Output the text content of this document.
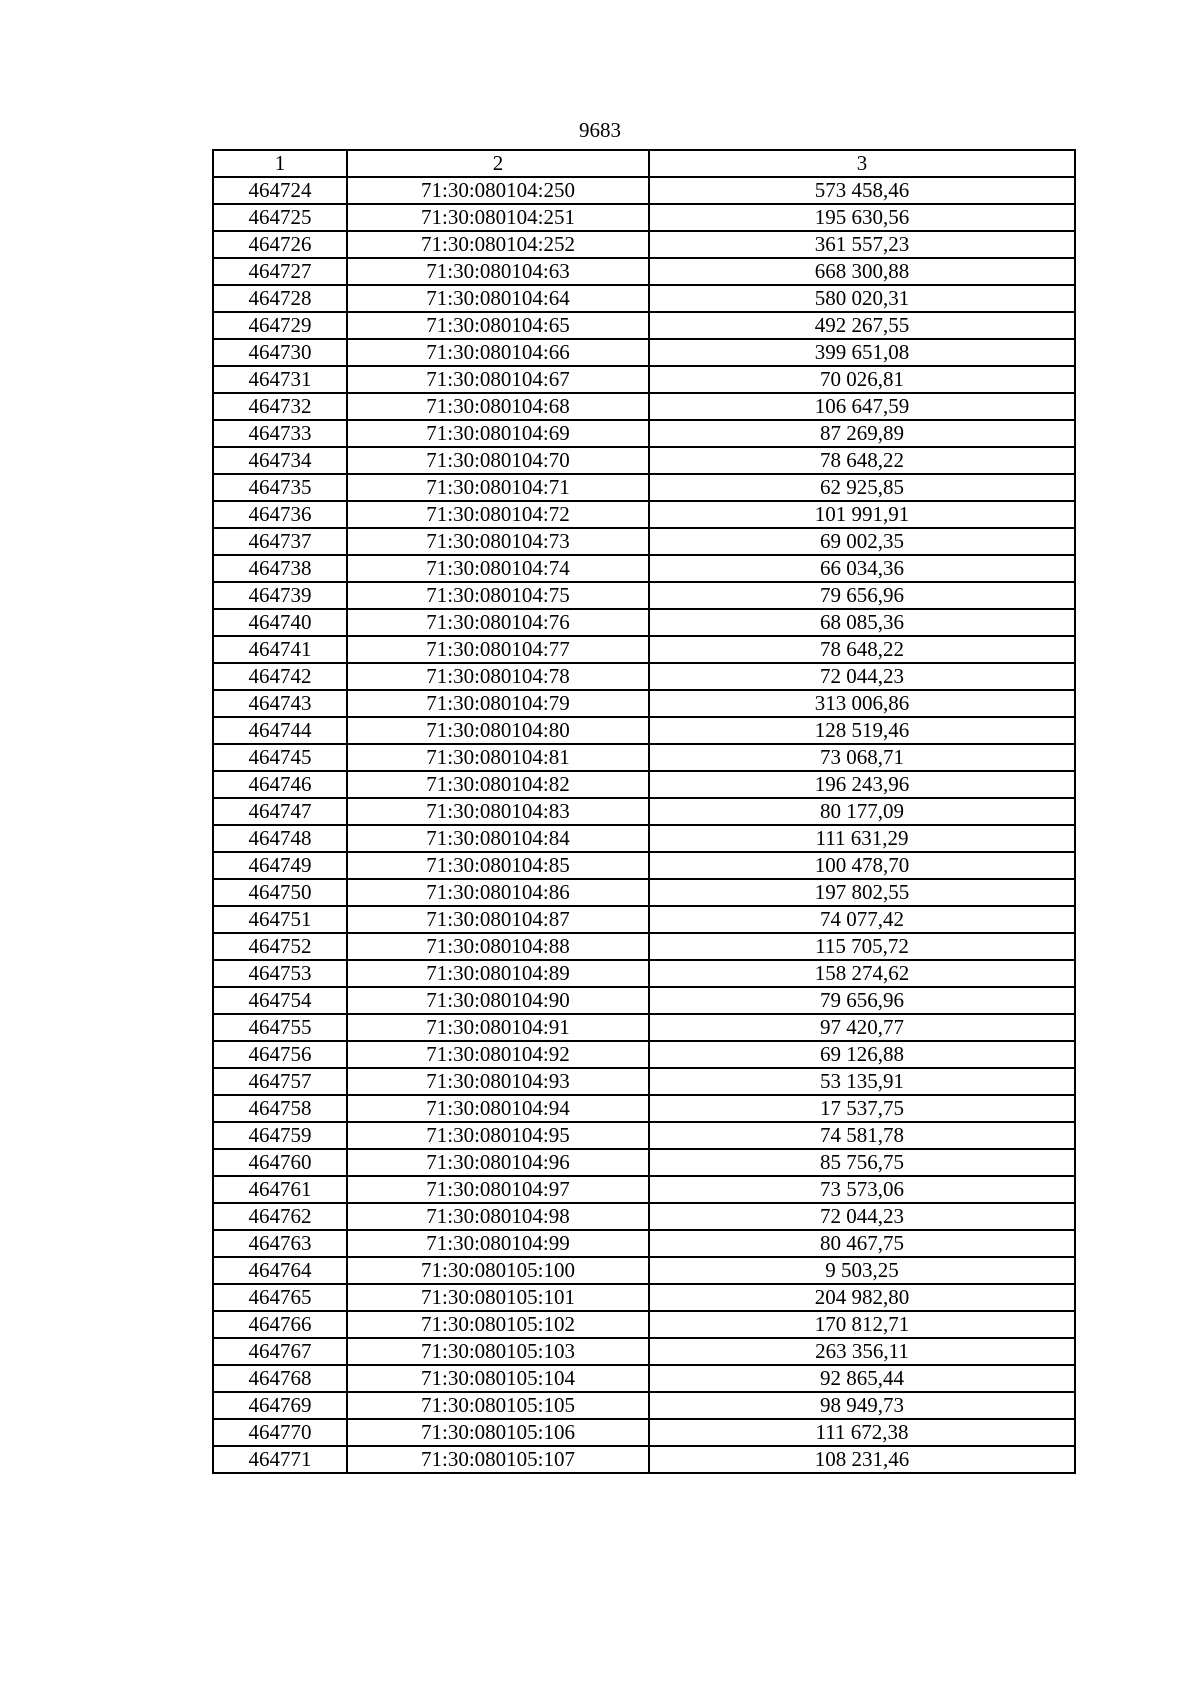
9683
1	2	3
464724	71:30:080104:250	573 458,46
464725	71:30:080104:251	195 630,56
464726	71:30:080104:252	361 557,23
464727	71:30:080104:63	668 300,88
464728	71:30:080104:64	580 020,31
464729	71:30:080104:65	492 267,55
464730	71:30:080104:66	399 651,08
464731	71:30:080104:67	70 026,81
464732	71:30:080104:68	106 647,59
464733	71:30:080104:69	87 269,89
464734	71:30:080104:70	78 648,22
464735	71:30:080104:71	62 925,85
464736	71:30:080104:72	101 991,91
464737	71:30:080104:73	69 002,35
464738	71:30:080104:74	66 034,36
464739	71:30:080104:75	79 656,96
464740	71:30:080104:76	68 085,36
464741	71:30:080104:77	78 648,22
464742	71:30:080104:78	72 044,23
464743	71:30:080104:79	313 006,86
464744	71:30:080104:80	128 519,46
464745	71:30:080104:81	73 068,71
464746	71:30:080104:82	196 243,96
464747	71:30:080104:83	80 177,09
464748	71:30:080104:84	111 631,29
464749	71:30:080104:85	100 478,70
464750	71:30:080104:86	197 802,55
464751	71:30:080104:87	74 077,42
464752	71:30:080104:88	115 705,72
464753	71:30:080104:89	158 274,62
464754	71:30:080104:90	79 656,96
464755	71:30:080104:91	97 420,77
464756	71:30:080104:92	69 126,88
464757	71:30:080104:93	53 135,91
464758	71:30:080104:94	17 537,75
464759	71:30:080104:95	74 581,78
464760	71:30:080104:96	85 756,75
464761	71:30:080104:97	73 573,06
464762	71:30:080104:98	72 044,23
464763	71:30:080104:99	80 467,75
464764	71:30:080105:100	9 503,25
464765	71:30:080105:101	204 982,80
464766	71:30:080105:102	170 812,71
464767	71:30:080105:103	263 356,11
464768	71:30:080105:104	92 865,44
464769	71:30:080105:105	98 949,73
464770	71:30:080105:106	111 672,38
464771	71:30:080105:107	108 231,46
